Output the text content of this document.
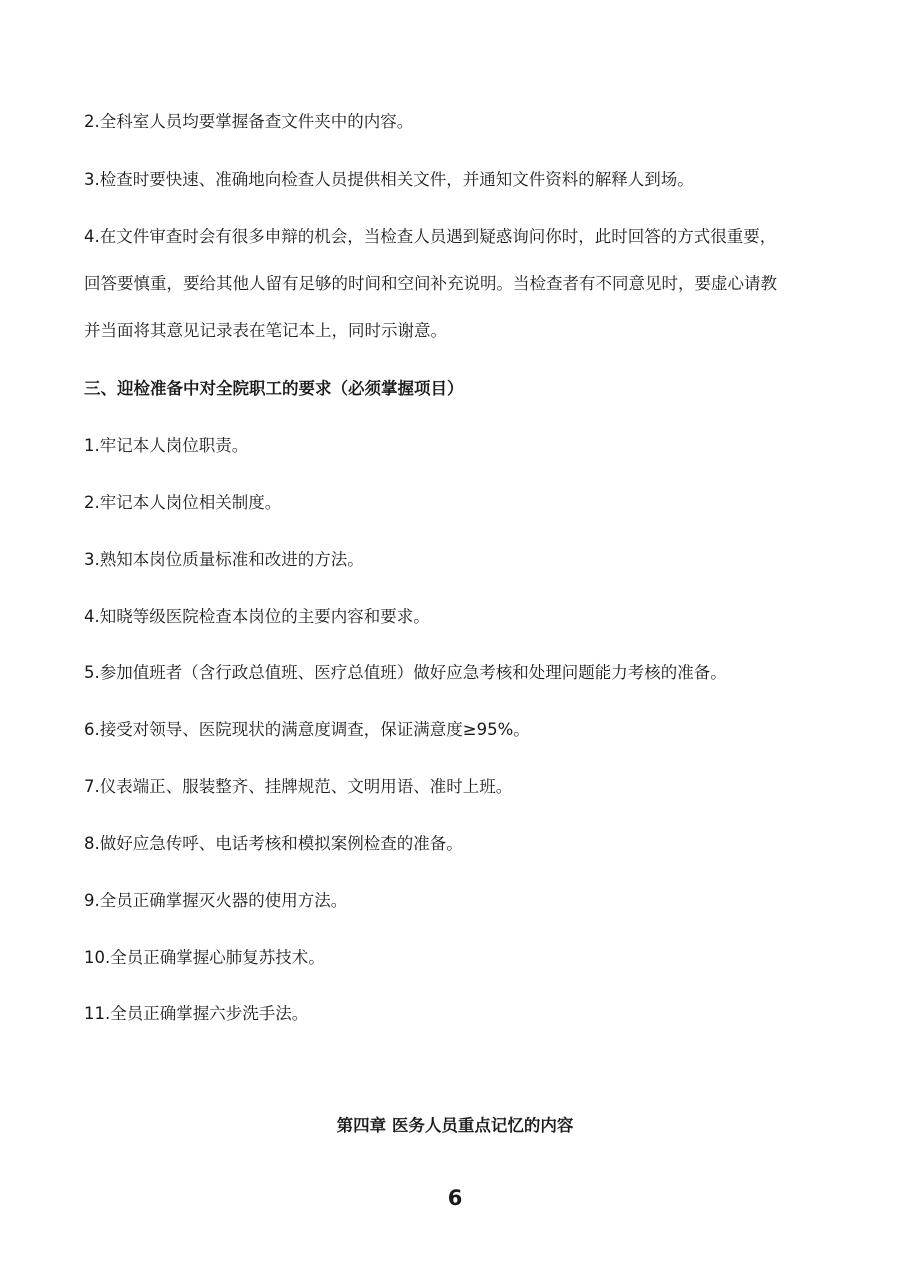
2.全科室人员均要掌握备查文件夹中的内容。
3.检查时要快速、准确地向检查人员提供相关文件，并通知文件资料的解释人到场。
4.在文件审查时会有很多申辩的机会，当检查人员遇到疑惑询问你时，此时回答的方式很重要，
回答要慎重，要给其他人留有足够的时间和空间补充说明。当检查者有不同意见时，要虚心请教
并当面将其意见记录表在笔记本上，同时示谢意。
三、迎检准备中对全院职工的要求（必须掌握项目）
1.牢记本人岗位职责。
2.牢记本人岗位相关制度。
3.熟知本岗位质量标准和改进的方法。
4.知晓等级医院检查本岗位的主要内容和要求。
5.参加值班者（含行政总值班、医疗总值班）做好应急考核和处理问题能力考核的准备。
6.接受对领导、医院现状的满意度调查，保证满意度≥95%。
7.仪表端正、服装整齐、挂牌规范、文明用语、准时上班。
8.做好应急传呼、电话考核和模拟案例检查的准备。
9.全员正确掌握灭火器的使用方法。
10.全员正确掌握心肺复苏技术。
11.全员正确掌握六步洗手法。
第四章 医务人员重点记忆的内容
6
